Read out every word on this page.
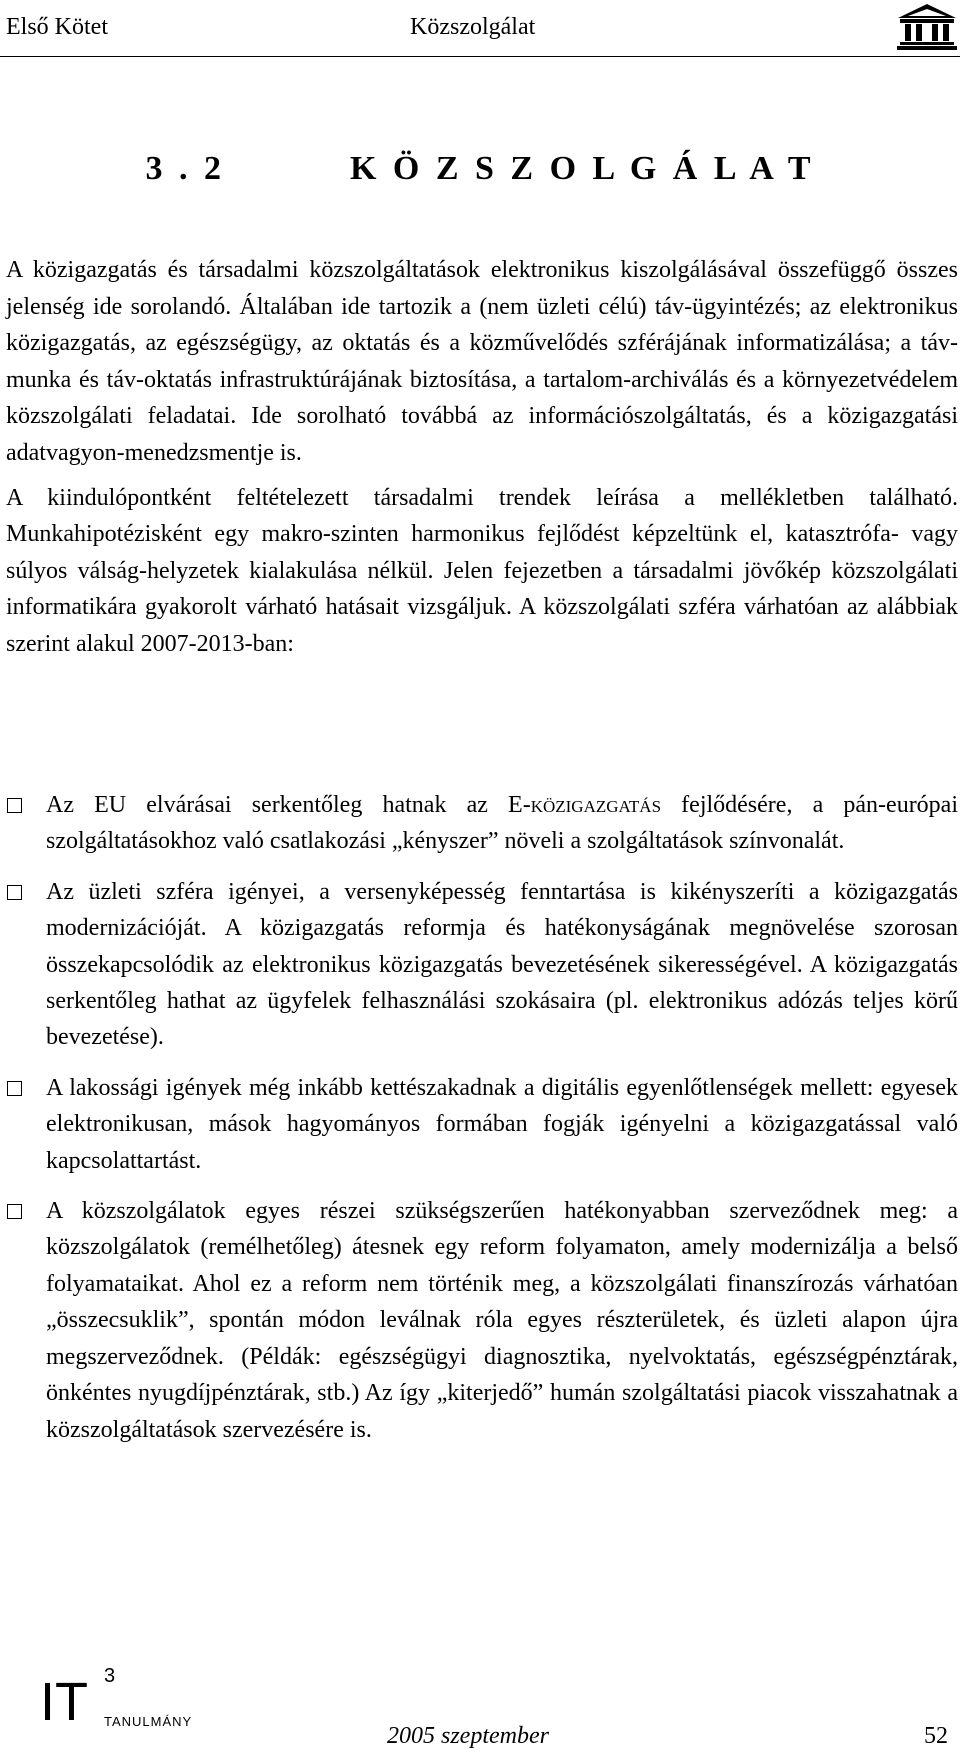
Első Kötet	Közszolgálat
3 . 2	K Ö Z S Z O L G Á L A T

A közigazgatás és társadalmi közszolgáltatások elektronikus kiszolgálásával összefüggő összes jelenség ide sorolandó. Általában ide tartozik a (nem üzleti célú) táv-ügyintézés; az elektronikus közigazgatás, az egészségügy, az oktatás és a közművelődés szférájának informatizálása; a táv-munka és táv-oktatás infrastruktúrájának biztosítása, a tartalom-archiválás és a környezetvédelem közszolgálati feladatai. Ide sorolható továbbá az információszolgáltatás, és a közigazgatási adatvagyon-menedzsmentje is.

A kiindulópontként feltételezett társadalmi trendek leírása a mellékletben található. Munkahipotézisként egy makro-szinten harmonikus fejlődést képzeltünk el, katasztrófa- vagy súlyos válság-helyzetek kialakulása nélkül. Jelen fejezetben a társadalmi jövőkép közszolgálati informatikára gyakorolt várható hatásait vizsgáljuk. A közszolgálati szféra várhatóan az alábbiak szerint alakul 2007-2013-ban:

Az EU elvárásai serkentőleg hatnak az E-közigazgatás fejlődésére, a pán-európai szolgáltatásokhoz való csatlakozási „kényszer” növeli a szolgáltatások színvonalát.
Az üzleti szféra igényei, a versenyképesség fenntartása is kikényszeríti a közigazgatás modernizációját. A közigazgatás reformja és hatékonyságának megnövelése szorosan összekapcsolódik az elektronikus közigazgatás bevezetésének sikerességével. A közigazgatás serkentőleg hathat az ügyfelek felhasználási szokásaira (pl. elektronikus adózás teljes körű bevezetése).
A lakossági igények még inkább kettészakadnak a digitális egyenlőtlenségek mellett: egyesek elektronikusan, mások hagyományos formában fogják igényelni a közigazgatással való kapcsolattartást.
A közszolgálatok egyes részei szükségszerűen hatékonyabban szerveződnek meg: a közszolgálatok (remélhetőleg) átesnek egy reform folyamaton, amely modernizálja a belső folyamataikat. Ahol ez a reform nem történik meg, a közszolgálati finanszírozás várhatóan „összecsuklik”, spontán módon leválnak róla egyes részterületek, és üzleti alapon újra megszerveződnek. (Példák: egészségügyi diagnosztika, nyelvoktatás, egészségpénztárak, önkéntes nyugdíjpénztárak, stb.) Az így „kiterjedő” humán szolgáltatási piacok visszahatnak a közszolgáltatások szervezésére is.
IT 3
TANULMÁNY
2005 szeptember	52
